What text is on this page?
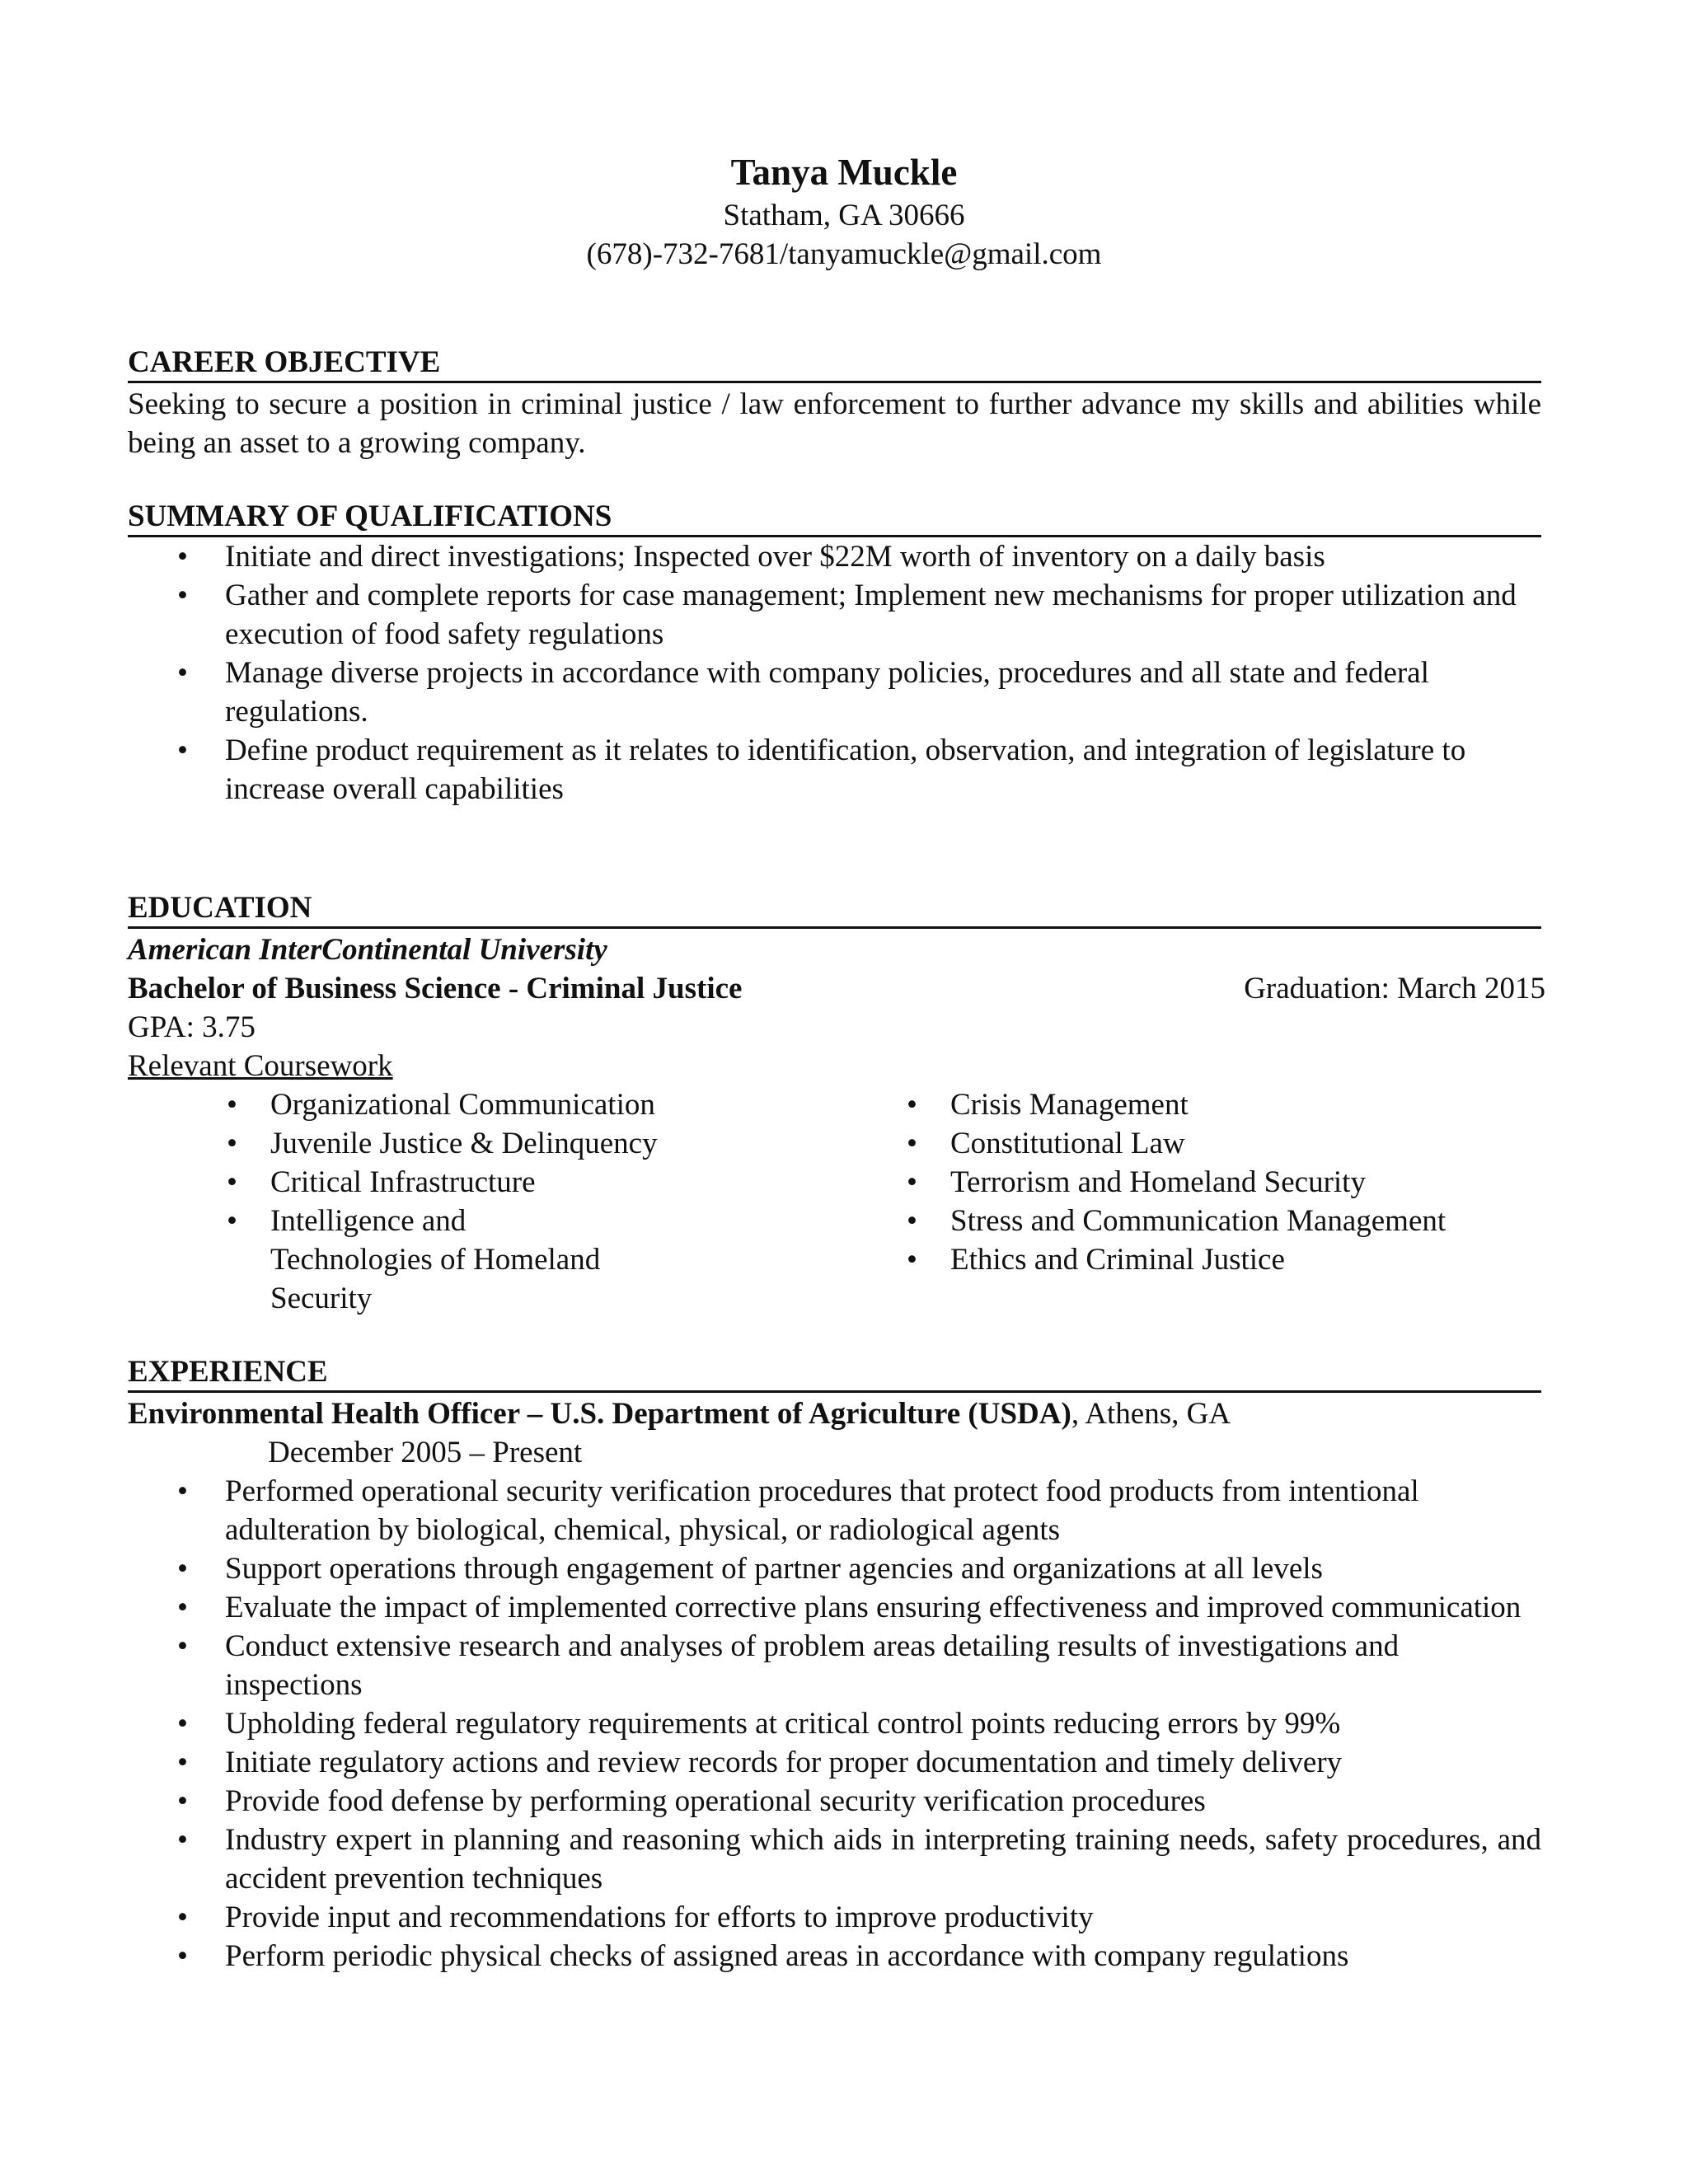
Tanya Muckle
Statham, GA 30666
(678)-732-7681/tanyamuckle@gmail.com
CAREER OBJECTIVE
Seeking to secure a position in criminal justice / law enforcement to further advance my skills and abilities while being an asset to a growing company.
SUMMARY OF QUALIFICATIONS
• Initiate and direct investigations; Inspected over $22M worth of inventory on a daily basis
• Gather and complete reports for case management; Implement new mechanisms for proper utilization and execution of food safety regulations
• Manage diverse projects in accordance with company policies, procedures and all state and federal regulations.
• Define product requirement as it relates to identification, observation, and integration of legislature to increase overall capabilities
EDUCATION
American InterContinental University
Bachelor of Business Science - Criminal Justice	Graduation: March 2015
GPA: 3.75
Relevant Coursework
• Organizational Communication
• Juvenile Justice & Delinquency
• Critical Infrastructure
• Intelligence and Technologies of Homeland Security
• Crisis Management
• Constitutional Law
• Terrorism and Homeland Security
• Stress and Communication Management
• Ethics and Criminal Justice
EXPERIENCE
Environmental Health Officer – U.S. Department of Agriculture (USDA), Athens, GA
December 2005 – Present
• Performed operational security verification procedures that protect food products from intentional adulteration by biological, chemical, physical, or radiological agents
• Support operations through engagement of partner agencies and organizations at all levels
• Evaluate the impact of implemented corrective plans ensuring effectiveness and improved communication
• Conduct extensive research and analyses of problem areas detailing results of investigations and inspections
• Upholding federal regulatory requirements at critical control points reducing errors by 99%
• Initiate regulatory actions and review records for proper documentation and timely delivery
• Provide food defense by performing operational security verification procedures
• Industry expert in planning and reasoning which aids in interpreting training needs, safety procedures, and accident prevention techniques
• Provide input and recommendations for efforts to improve productivity
• Perform periodic physical checks of assigned areas in accordance with company regulations
